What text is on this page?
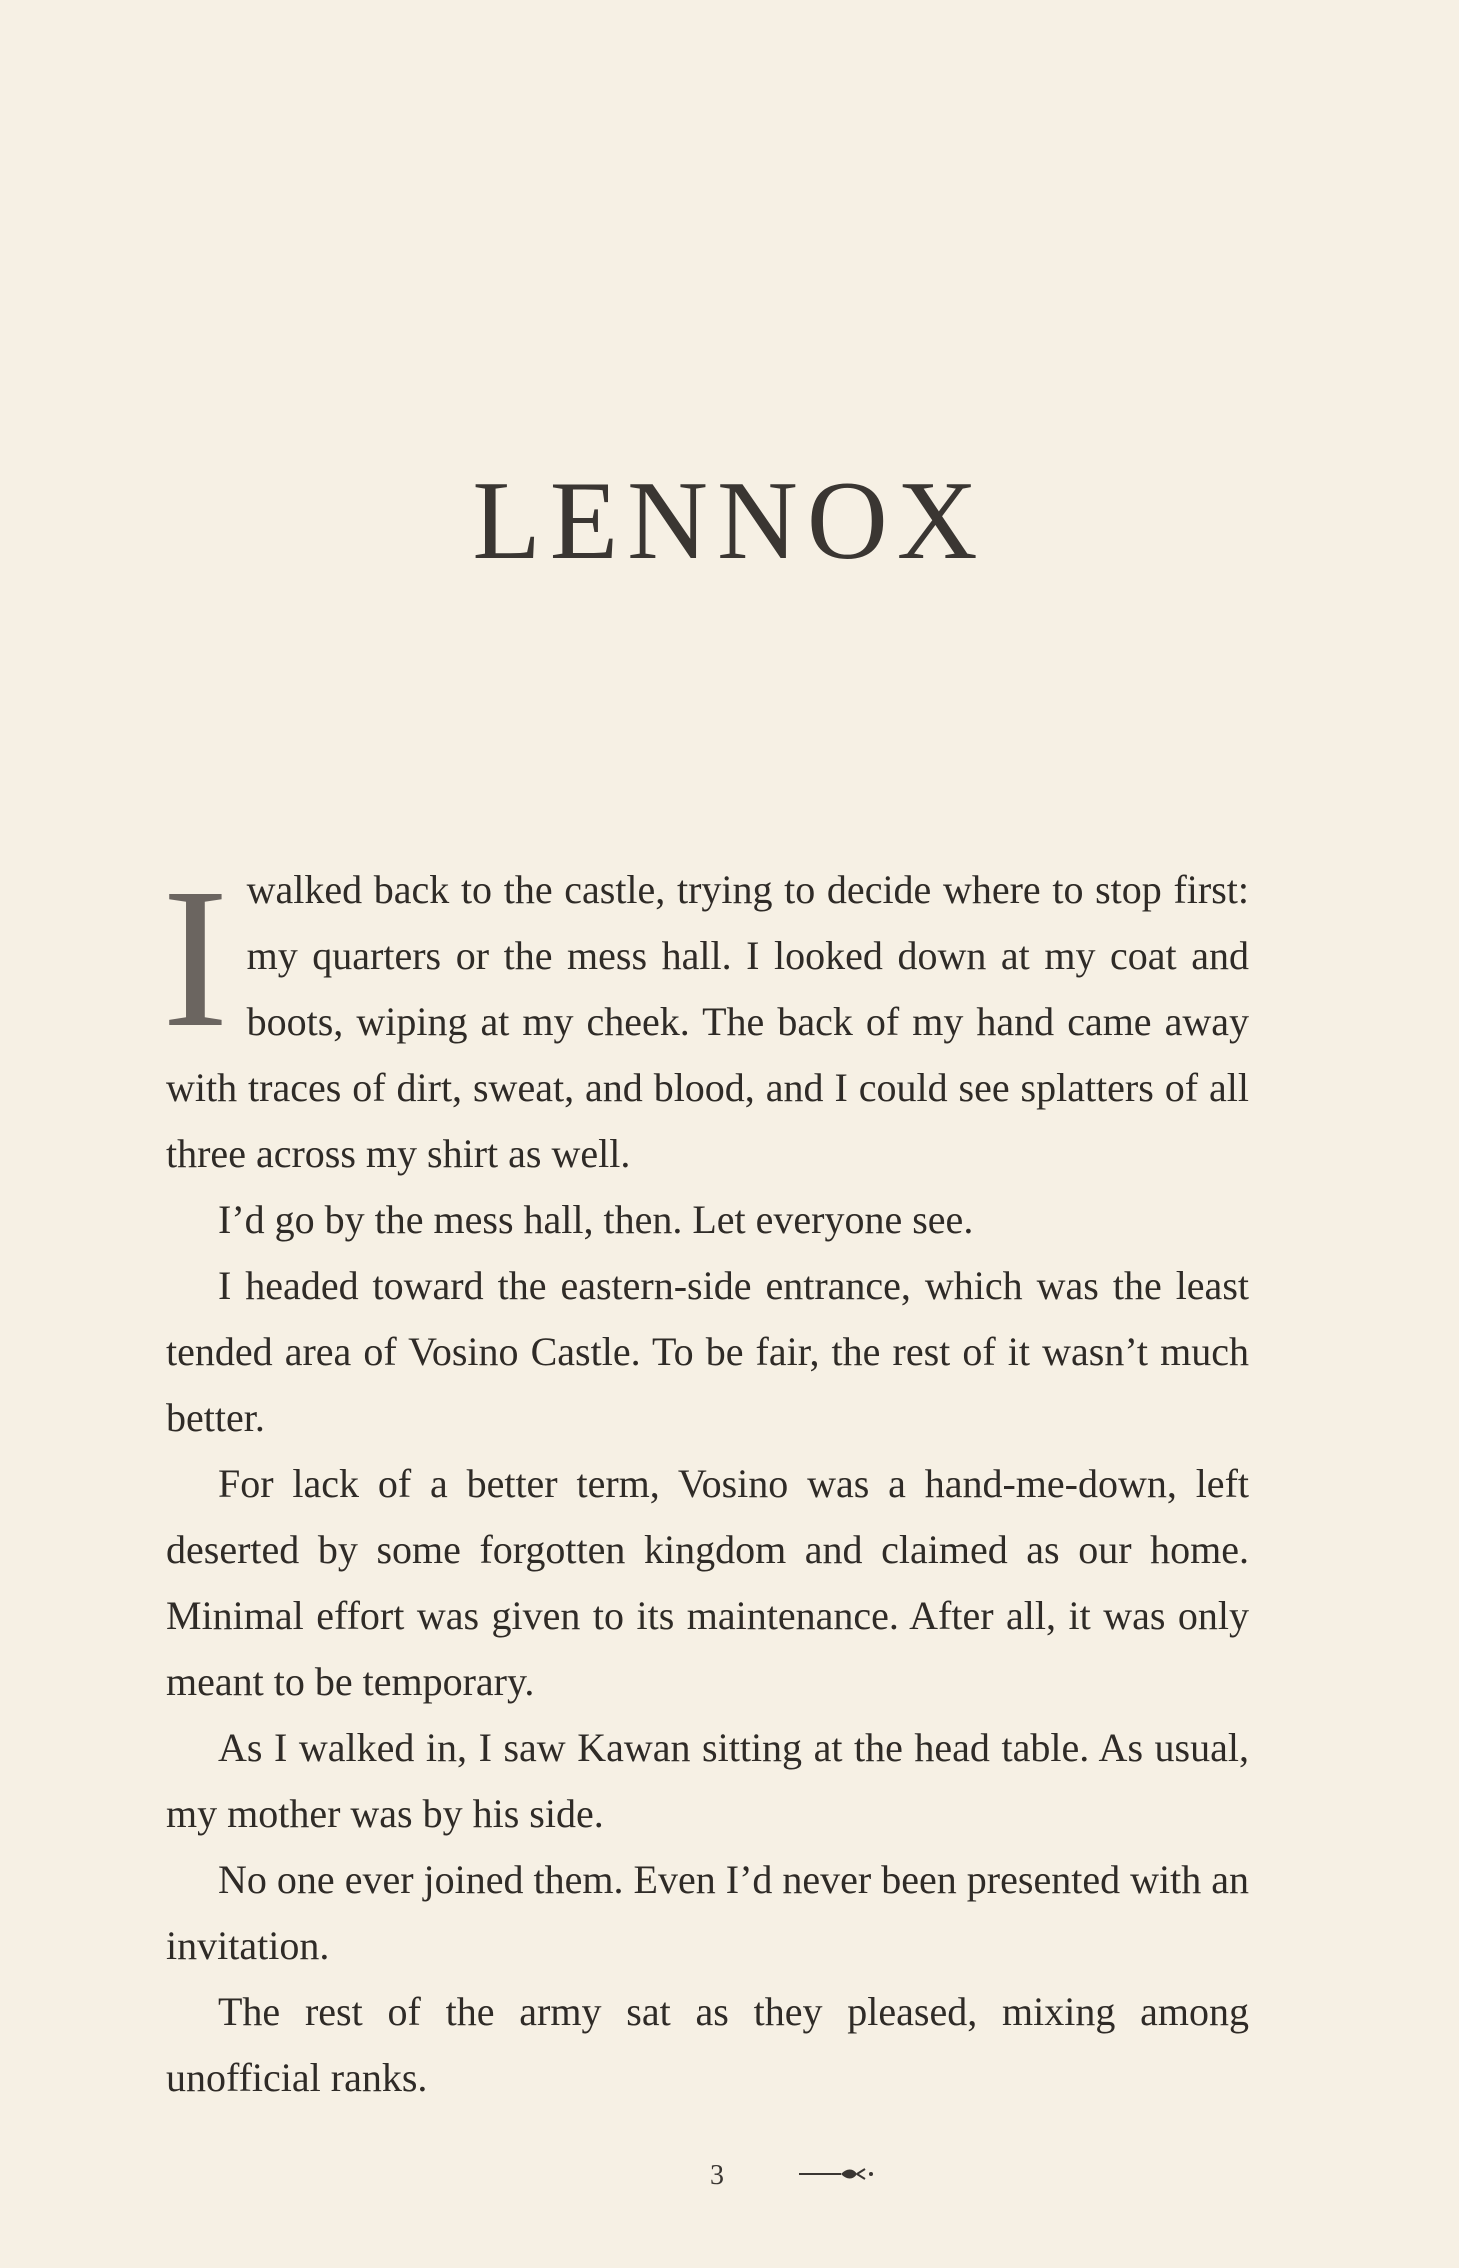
LENNOX

I walked back to the castle, trying to decide where to stop first: my quarters or the mess hall. I looked down at my coat and boots, wiping at my cheek. The back of my hand came away with traces of dirt, sweat, and blood, and I could see splatters of all three across my shirt as well.

I’d go by the mess hall, then. Let everyone see.

I headed toward the eastern-side entrance, which was the least tended area of Vosino Castle. To be fair, the rest of it wasn’t much better.

For lack of a better term, Vosino was a hand-me-down, left deserted by some forgotten kingdom and claimed as our home. Minimal effort was given to its maintenance. After all, it was only meant to be temporary.

As I walked in, I saw Kawan sitting at the head table. As usual, my mother was by his side.

No one ever joined them. Even I’d never been presented with an invitation.

The rest of the army sat as they pleased, mixing among unofficial ranks.

3
